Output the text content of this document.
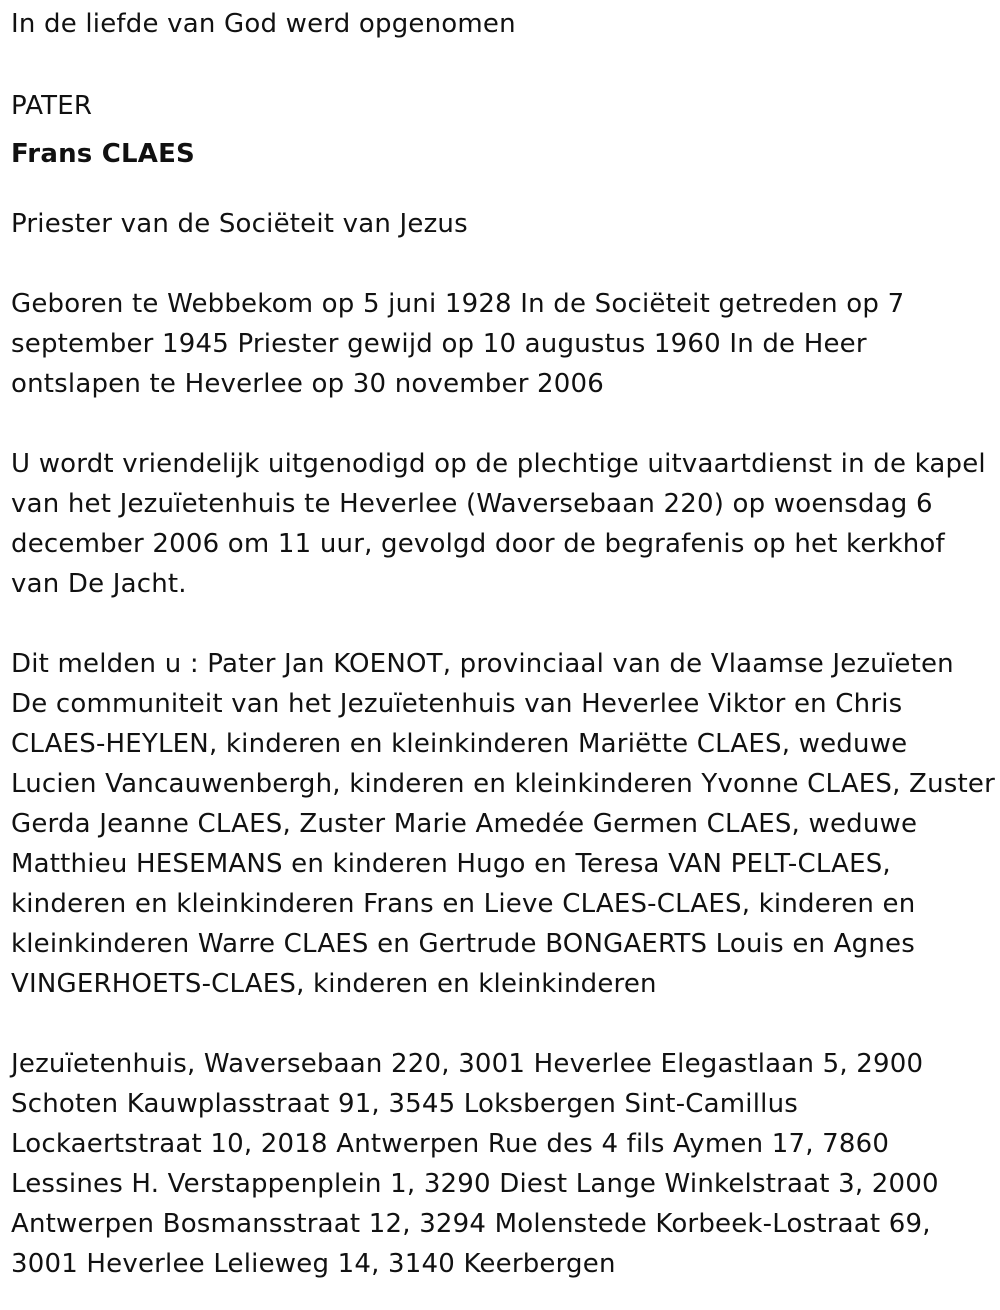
In de liefde van God werd opgenomen

PATER

Frans CLAES

Priester van de Sociëteit van Jezus

Geboren te Webbekom op 5 juni 1928 In de Sociëteit getreden op 7 september 1945 Priester gewijd op 10 augustus 1960 In de Heer ontslapen te Heverlee op 30 november 2006

U wordt vriendelijk uitgenodigd op de plechtige uitvaartdienst in de kapel van het Jezuïetenhuis te Heverlee (Waversebaan 220) op woensdag 6 december 2006 om 11 uur, gevolgd door de begrafenis op het kerkhof van De Jacht.

Dit melden u : Pater Jan KOENOT, provinciaal van de Vlaamse Jezuïeten De communiteit van het Jezuïetenhuis van Heverlee Viktor en Chris CLAES-HEYLEN, kinderen en kleinkinderen Mariëtte CLAES, weduwe Lucien Vancauwenbergh, kinderen en kleinkinderen Yvonne CLAES, Zuster Gerda Jeanne CLAES, Zuster Marie Amedée Germen CLAES, weduwe Matthieu HESEMANS en kinderen Hugo en Teresa VAN PELT-CLAES, kinderen en kleinkinderen Frans en Lieve CLAES-CLAES, kinderen en kleinkinderen Warre CLAES en Gertrude BONGAERTS Louis en Agnes VINGERHOETS-CLAES, kinderen en kleinkinderen

Jezuïetenhuis, Waversebaan 220, 3001 Heverlee Elegastlaan 5, 2900 Schoten Kauwplasstraat 91, 3545 Loksbergen Sint-Camillus Lockaertstraat 10, 2018 Antwerpen Rue des 4 fils Aymen 17, 7860 Lessines H. Verstappenplein 1, 3290 Diest Lange Winkelstraat 3, 2000 Antwerpen Bosmansstraat 12, 3294 Molenstede Korbeek-Lostraat 69, 3001 Heverlee Lelieweg 14, 3140 Keerbergen
